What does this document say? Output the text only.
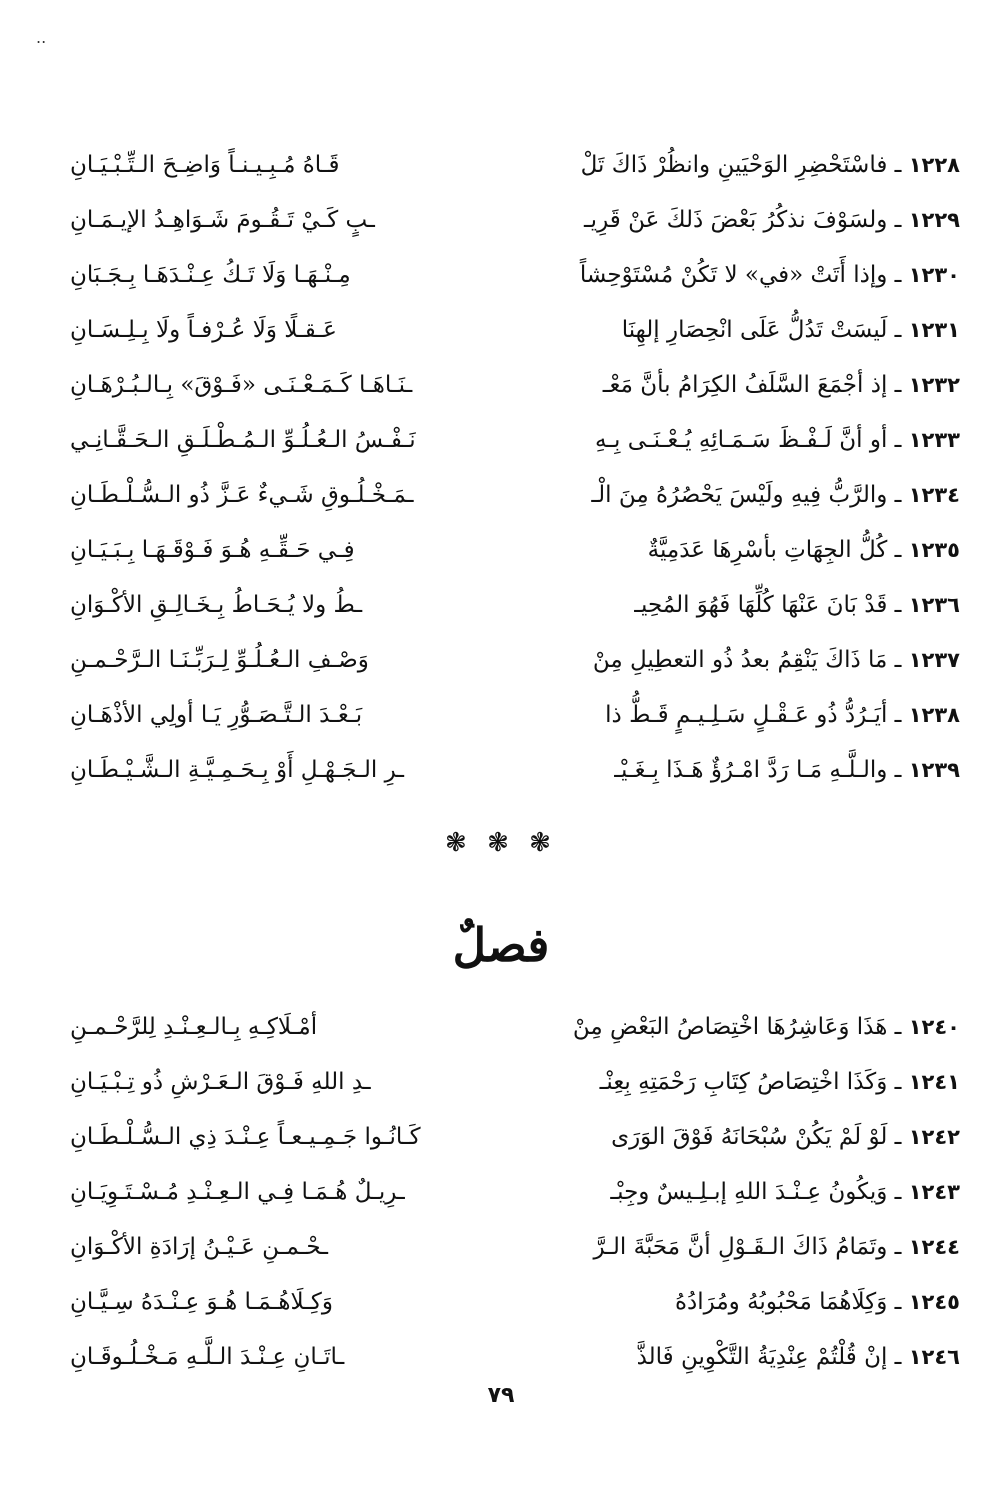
..
قَـاهُ مُـبِـيـنـاً وَاضِـحَ الـتِّـبْـيَـانِ	١٢٢٨ ـ فاسْتَحْضِرِ الوَحْيَينِ وانظُرْ ذَاكَ تَلْ
ـبٍ كَـيْ تَـقُـومَ شَـوَاهِـدُ الإيـمَـانِ	١٢٢٩ ـ ولسَوْفَ نذكُرُ بَعْضَ ذَلكَ عَنْ قَرِيـ
مِـنْـهَـا وَلَا تَـكُ عِـنْـدَهَـا بِـجَـبَانِ	١٢٣٠ ـ وإذا أَتَتْ «في» لا تَكُنْ مُسْتَوْحِشاً
عَـقـلًا وَلَا عُـرْفـاً ولَا بِـلِـسَـانِ	١٢٣١ ـ لَيسَتْ تَدُلُّ عَلَى انْحِصَارِ إلهِنَا
ـنَـاهَـا كَـمَـعْـنَـى «فَـوْقَ» بِـالـبُـرْهَـانِ	١٢٣٢ ـ إذ أجْمَعَ السَّلَفُ الكِرَامُ بأنَّ مَعْـ
نَـفْـسُ الـعُـلُـوِّ الـمُـطْـلَـقِ الـحَـقَّـانِـي	١٢٣٣ ـ أو أنَّ لَـفْـظَ سَـمَـائِهِ يُـعْـنَـى بِـهِ
ـمَـخْـلُـوقِ شَـيءٌ عَـزَّ ذُو الـسُّـلْـطَـانِ	١٢٣٤ ـ والرَّبُّ فِيهِ ولَيْسَ يَحْصُرُهُ مِنَ الْـ
فِـي حَـقِّـهِ هُـوَ فَـوْقَـهَـا بِـبَـيَـانِ	١٢٣٥ ـ كُلُّ الجِهَاتِ بأسْرِهَا عَدَمِيَّةٌ
ـطُ ولا يُـحَـاطُ بِـخَـالِـقِ الأكْـوَانِ	١٢٣٦ ـ قَدْ بَانَ عَنْهَا كُلِّهَا فَهُوَ المُحِيـ
وَصْـفِ الـعُـلُـوِّ لِـرَبِّـنَـا الـرَّحْـمـنِ	١٢٣٧ ـ مَا ذَاكَ يَنْقِمُ بعدُ ذُو التعطِيلِ مِنْ
بَـعْـدَ الـتَّـصَـوُّرِ يَـا أولِي الأذْهَـانِ	١٢٣٨ ـ أيَـرُدُّ ذُو عَـقْـلٍ سَـلِـيـمٍ قَـطُّ ذا
ـرِ الـجَـهْـلِ أَوْ بِـحَـمِـيَّـةِ الـشَّـيْـطَـانِ	١٢٣٩ ـ والـلَّـهِ مَـا رَدَّ امْـرُؤٌ هَـذَا بِـغَـيْـ
❃ ❃ ❃
فصلٌ
أمْـلَاكِـهِ بِـالـعِـنْـدِ لِلرَّحْـمـنِ	١٢٤٠ ـ هَذَا وَعَاشِرُهَا اخْتِصَاصُ البَعْضِ مِنْ
ـدِ اللهِ فَـوْقَ الـعَـرْشِ ذُو تِـبْـيَـانِ	١٢٤١ ـ وَكَذَا اخْتِصَاصُ كِتَابِ رَحْمَتِهِ بِعِنْـ
كَـانُـوا جَـمِـيـعـاً عِـنْـدَ ذِي الـسُّـلْـطَـانِ	١٢٤٢ ـ لَوْ لَمْ يَكُنْ سُبْحَانَهُ فَوْقَ الوَرَى
ـرِيـلٌ هُـمَـا فِـي الـعِـنْـدِ مُـسْـتَـوِيَـانِ	١٢٤٣ ـ وَيكُونُ عِـنْـدَ اللهِ إبـلِـيسٌ وجِبْـ
ـحْـمـنِ عَـيْـنُ إرَادَةِ الأكْـوَانِ	١٢٤٤ ـ وتَمَامُ ذَاكَ الـقَـوْلِ أنَّ مَحَبَّةَ الـرَّ
وَكِـلَاهُـمَـا هُـوَ عِـنْـدَهُ سِـيَّـانِ	١٢٤٥ ـ وَكِلَاهُمَا مَحْبُوبُهُ ومُرَادُهُ
ـاتَـانِ عِـنْـدَ الـلَّـهِ مَـخْـلُـوقَـانِ	١٢٤٦ ـ إنْ قُلْتُمْ عِنْدِيَةُ التَّكْوِينِ فَالذَّ
٧٩
